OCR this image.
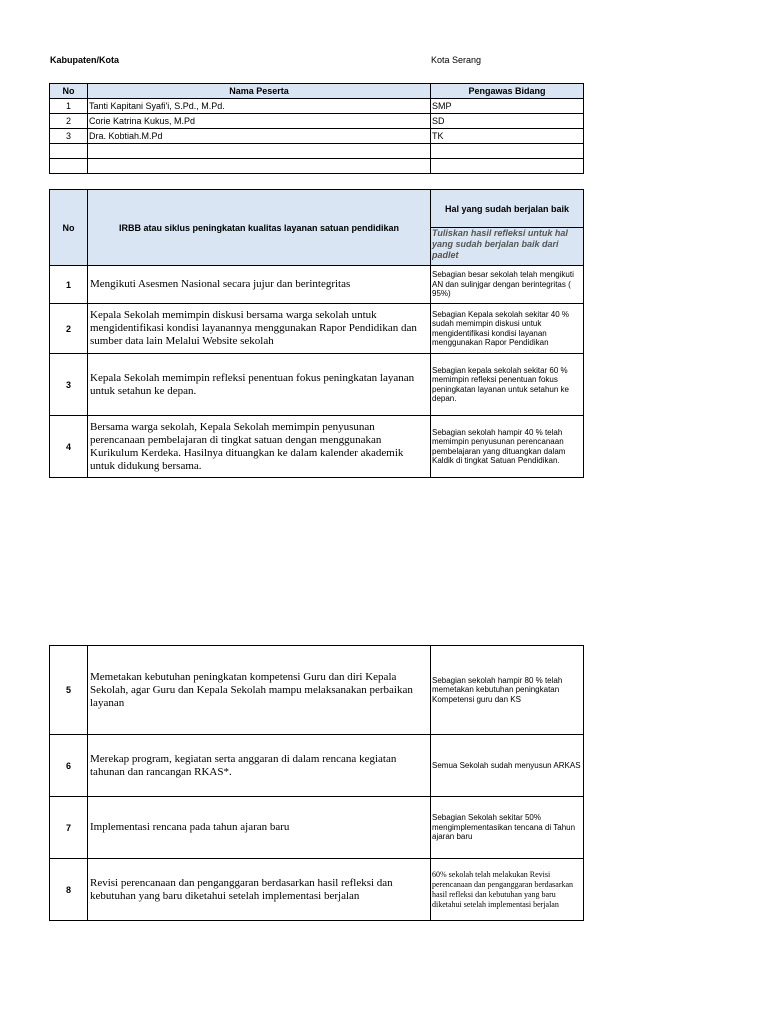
Kabupaten/Kota	Kota Serang
No	Nama Peserta	Pengawas Bidang
1	Tanti Kapitani Syafi'i, S.Pd., M.Pd.	SMP
2	Corie Katrina Kukus, M.Pd	SD
3	Dra. Kobtiah.M.Pd	TK

No	IRBB atau siklus peningkatan kualitas layanan satuan pendidikan	Hal yang sudah berjalan baik
		Tuliskan hasil refleksi untuk hal yang sudah berjalan baik dari padlet
1	Mengikuti Asesmen Nasional secara jujur dan berintegritas	Sebagian besar sekolah telah mengikuti AN dan sulinjgar dengan berintegritas ( 95%)
2	Kepala Sekolah memimpin diskusi bersama warga sekolah untuk mengidentifikasi kondisi layanannya menggunakan Rapor Pendidikan dan sumber data lain Melalui Website sekolah	Sebagian Kepala sekolah sekitar 40 % sudah memimpin diskusi untuk mengidentifikasi kondisi layanan menggunakan Rapor Pendidikan
3	Kepala Sekolah memimpin refleksi penentuan fokus peningkatan layanan untuk setahun ke depan.	Sebagian kepala sekolah sekitar 60 % memimpin refleksi penentuan fokus peningkatan layanan untuk setahun ke depan.
4	Bersama warga sekolah, Kepala Sekolah memimpin penyusunan perencanaan pembelajaran di tingkat satuan dengan menggunakan Kurikulum Kerdeka. Hasilnya dituangkan ke dalam kalender akademik untuk didukung bersama.	Sebagian sekolah hampir 40 % telah memimpin penyusunan perencanaan pembelajaran yang dituangkan dalam Kaldik di tingkat Satuan Pendidikan.
5	Memetakan kebutuhan peningkatan kompetensi Guru dan diri Kepala Sekolah, agar Guru dan Kepala Sekolah mampu melaksanakan perbaikan layanan	Sebagian sekolah hampir 80 % telah memetakan kebutuhan peningkatan Kompetensi guru dan KS
6	Merekap program, kegiatan serta anggaran di dalam rencana kegiatan tahunan dan rancangan RKAS*.	Semua Sekolah sudah menyusun ARKAS
7	Implementasi rencana pada tahun ajaran baru	Sebagian Sekolah sekitar 50% mengimplementasikan tencana di Tahun ajaran baru
8	Revisi perencanaan dan penganggaran berdasarkan hasil refleksi dan kebutuhan yang baru diketahui setelah implementasi berjalan	60% sekolah telah melakukan Revisi perencanaan dan penganggaran berdasarkan hasil refleksi dan kebutuhan yang baru diketahui setelah implementasi berjalan
